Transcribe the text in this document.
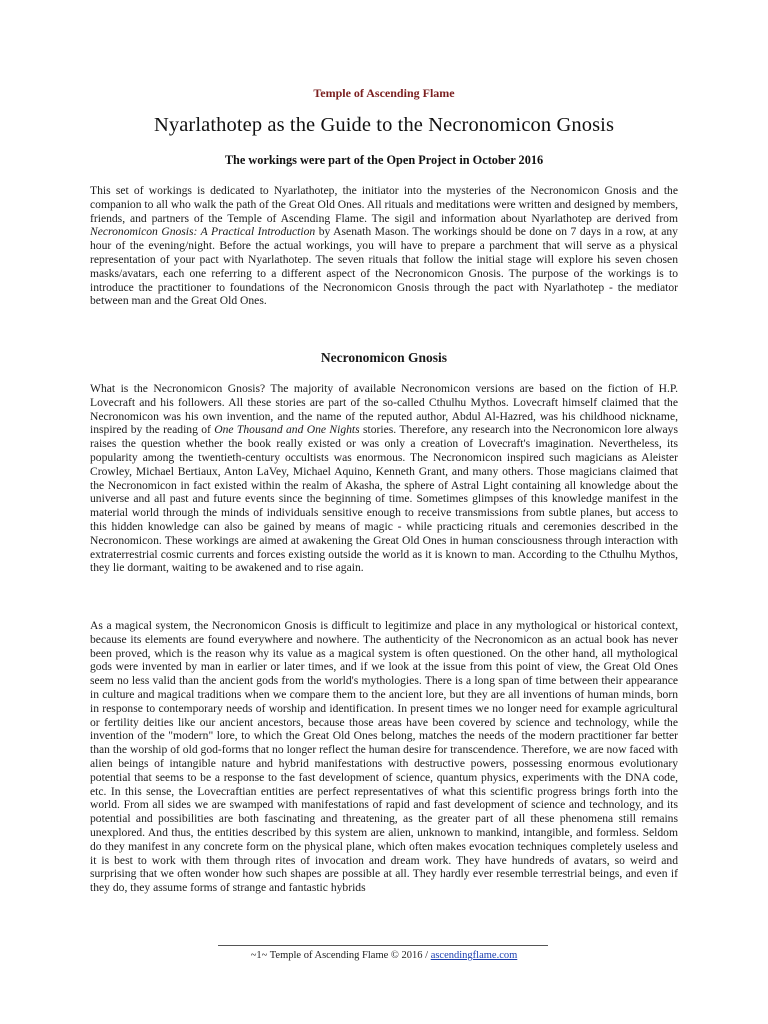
Temple of Ascending Flame
Nyarlathotep as the Guide to the Necronomicon Gnosis
The workings were part of the Open Project in October 2016

This set of workings is dedicated to Nyarlathotep, the initiator into the mysteries of the Necronomicon Gnosis and the companion to all who walk the path of the Great Old Ones. All rituals and meditations were written and designed by members, friends, and partners of the Temple of Ascending Flame. The sigil and information about Nyarlathotep are derived from Necronomicon Gnosis: A Practical Introduction by Asenath Mason. The workings should be done on 7 days in a row, at any hour of the evening/night. Before the actual workings, you will have to prepare a parchment that will serve as a physical representation of your pact with Nyarlathotep. The seven rituals that follow the initial stage will explore his seven chosen masks/avatars, each one referring to a different aspect of the Necronomicon Gnosis. The purpose of the workings is to introduce the practitioner to foundations of the Necronomicon Gnosis through the pact with Nyarlathotep - the mediator between man and the Great Old Ones.

Necronomicon Gnosis

What is the Necronomicon Gnosis? The majority of available Necronomicon versions are based on the fiction of H.P. Lovecraft and his followers. All these stories are part of the so-called Cthulhu Mythos. Lovecraft himself claimed that the Necronomicon was his own invention, and the name of the reputed author, Abdul Al-Hazred, was his childhood nickname, inspired by the reading of One Thousand and One Nights stories. Therefore, any research into the Necronomicon lore always raises the question whether the book really existed or was only a creation of Lovecraft's imagination. Nevertheless, its popularity among the twentieth-century occultists was enormous. The Necronomicon inspired such magicians as Aleister Crowley, Michael Bertiaux, Anton LaVey, Michael Aquino, Kenneth Grant, and many others. Those magicians claimed that the Necronomicon in fact existed within the realm of Akasha, the sphere of Astral Light containing all knowledge about the universe and all past and future events since the beginning of time. Sometimes glimpses of this knowledge manifest in the material world through the minds of individuals sensitive enough to receive transmissions from subtle planes, but access to this hidden knowledge can also be gained by means of magic - while practicing rituals and ceremonies described in the Necronomicon. These workings are aimed at awakening the Great Old Ones in human consciousness through interaction with extraterrestrial cosmic currents and forces existing outside the world as it is known to man. According to the Cthulhu Mythos, they lie dormant, waiting to be awakened and to rise again.

As a magical system, the Necronomicon Gnosis is difficult to legitimize and place in any mythological or historical context, because its elements are found everywhere and nowhere. The authenticity of the Necronomicon as an actual book has never been proved, which is the reason why its value as a magical system is often questioned. On the other hand, all mythological gods were invented by man in earlier or later times, and if we look at the issue from this point of view, the Great Old Ones seem no less valid than the ancient gods from the world's mythologies. There is a long span of time between their appearance in culture and magical traditions when we compare them to the ancient lore, but they are all inventions of human minds, born in response to contemporary needs of worship and identification. In present times we no longer need for example agricultural or fertility deities like our ancient ancestors, because those areas have been covered by science and technology, while the invention of the "modern" lore, to which the Great Old Ones belong, matches the needs of the modern practitioner far better than the worship of old god-forms that no longer reflect the human desire for transcendence. Therefore, we are now faced with alien beings of intangible nature and hybrid manifestations with destructive powers, possessing enormous evolutionary potential that seems to be a response to the fast development of science, quantum physics, experiments with the DNA code, etc. In this sense, the Lovecraftian entities are perfect representatives of what this scientific progress brings forth into the world. From all sides we are swamped with manifestations of rapid and fast development of science and technology, and its potential and possibilities are both fascinating and threatening, as the greater part of all these phenomena still remains unexplored. And thus, the entities described by this system are alien, unknown to mankind, intangible, and formless. Seldom do they manifest in any concrete form on the physical plane, which often makes evocation techniques completely useless and it is best to work with them through rites of invocation and dream work. They have hundreds of avatars, so weird and surprising that we often wonder how such shapes are possible at all. They hardly ever resemble terrestrial beings, and even if they do, they assume forms of strange and fantastic hybrids

~1~ Temple of Ascending Flame © 2016 / ascendingflame.com
